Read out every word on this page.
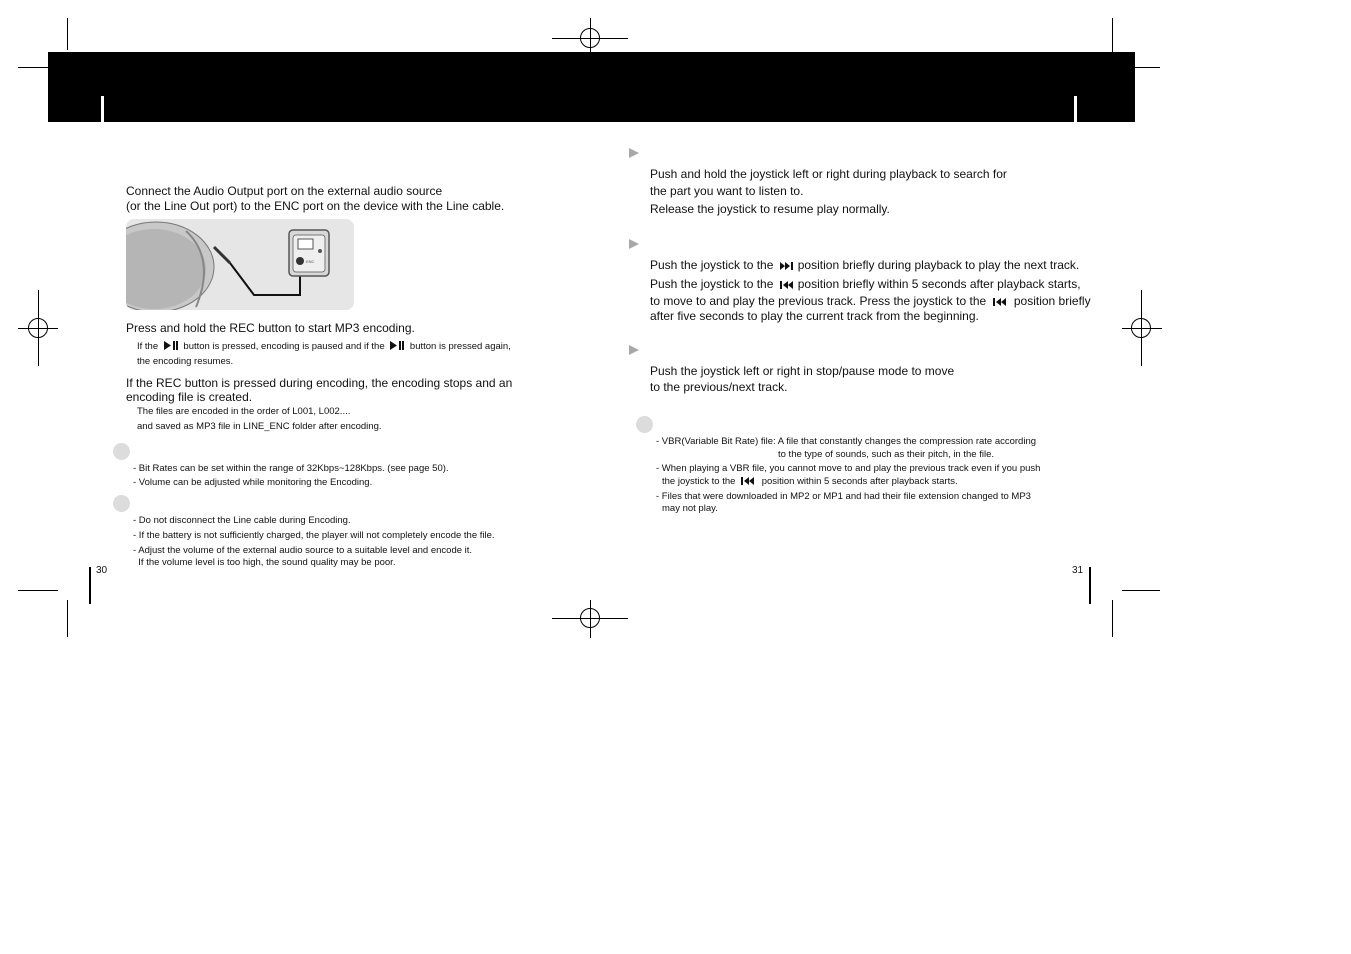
Connect the Audio Output port on the external audio source
(or the Line Out port) to the ENC port on the device with the Line cable.
ENC
Press and hold the REC button to start MP3 encoding.
If the	button is pressed, encoding is paused and if the	button is pressed again,
the encoding resumes.
If the REC button is pressed during encoding, the encoding stops and an
encoding file is created.
The files are encoded in the order of L001, L002....
and saved as MP3 file in LINE_ENC folder after encoding.
- Bit Rates can be set within the range of 32Kbps~128Kbps. (see page 50).
- Volume can be adjusted while monitoring the Encoding.
- Do not disconnect the Line cable during Encoding.
- If the battery is not sufficiently charged, the player will not completely encode the file.
- Adjust the volume of the external audio source to a suitable level and encode it.
If the volume level is too high, the sound quality may be poor.
30
Push and hold the joystick left or right during playback to search for
the part you want to listen to.
Release the joystick to resume play normally.
Push the joystick to the position briefly during playback to play the next track.
Push the joystick to the position briefly within 5 seconds after playback starts,
to move to and play the previous track. Press the joystick to the position briefly
after five seconds to play the current track from the beginning.
Push the joystick left or right in stop/pause mode to move
to the previous/next track.
- VBR(Variable Bit Rate) file: A file that constantly changes the compression rate according
to the type of sounds, such as their pitch, in the file.
- When playing a VBR file, you cannot move to and play the previous track even if you push
the joystick to the	position within 5 seconds after playback starts.
- Files that were downloaded in MP2 or MP1 and had their file extension changed to MP3
may not play.
31
